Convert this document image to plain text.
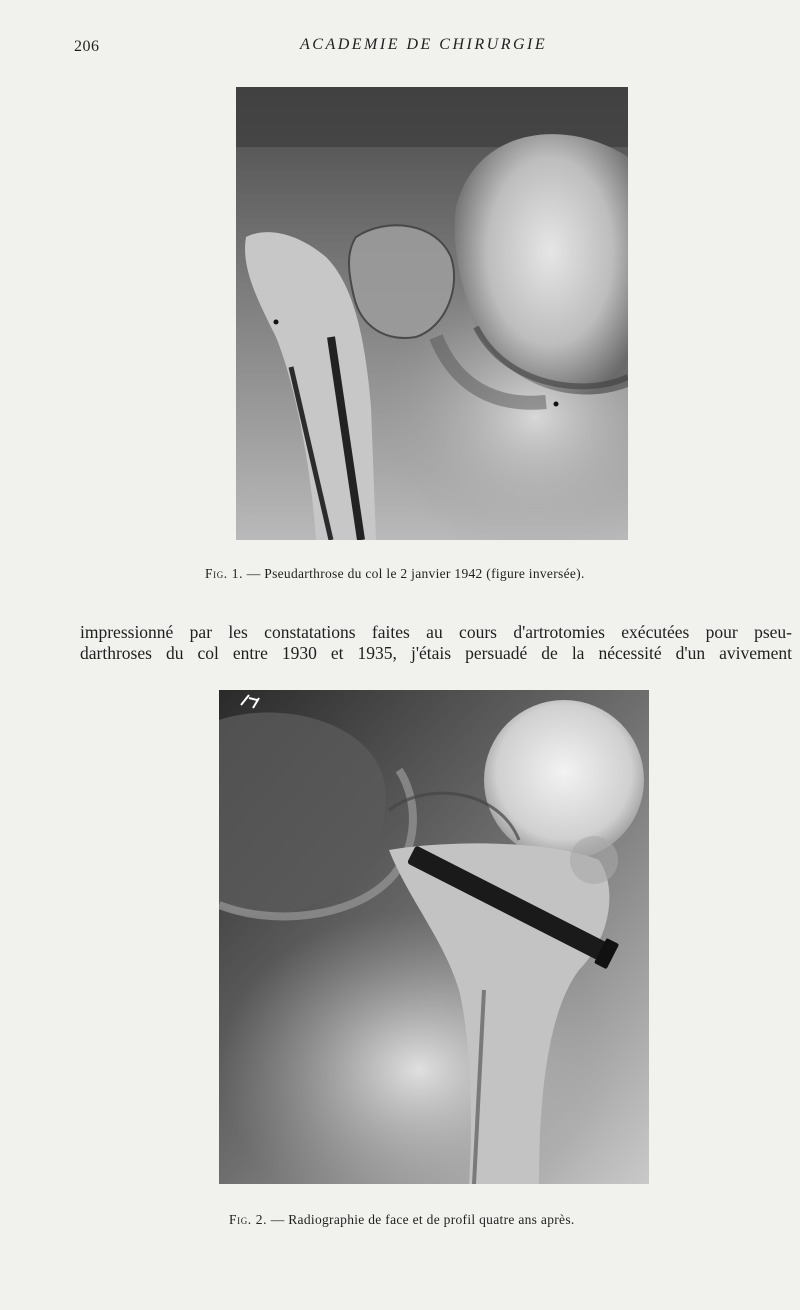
206	ACADEMIE DE CHIRURGIE
Fig. 1. — Pseudarthrose du col le 2 janvier 1942 (figure inversée).
impressionné par les constatations faites au cours d'artrotomies exécutées pour pseu-
darthroses du col entre 1930 et 1935, j'étais persuadé de la nécessité d'un avivement
Fig. 2. — Radiographie de face et de profil quatre ans après.
